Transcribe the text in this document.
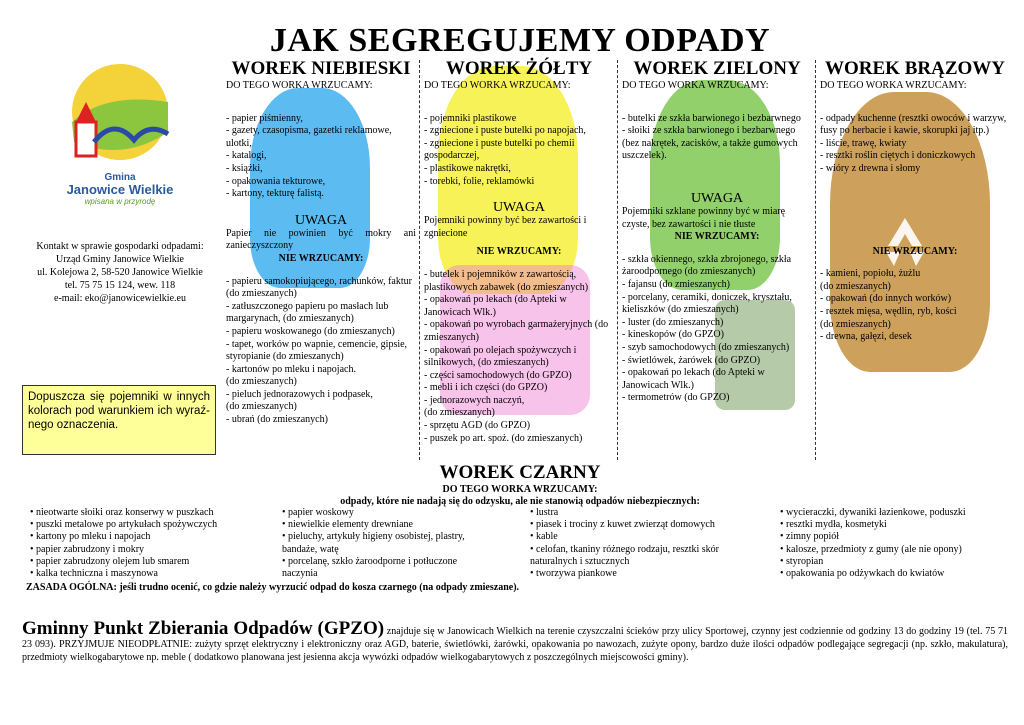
JAK SEGREGUJEMY ODPADY
Gmina
Janowice Wielkie
wpisana w przyrodę
Kontakt w sprawie gospodarki odpadami:
Urząd Gminy Janowice Wielkie
ul. Kolejowa 2, 58-520 Janowice Wielkie
tel. 75 75 15 124, wew. 118
e-mail: eko@janowicewielkie.eu
Dopuszcza się pojemniki w innych kolorach pod warunkiem ich wyraź-nego oznaczenia.
WOREK NIEBIESKI
DO TEGO WORKA WRZUCAMY:
- papier piśmienny,
- gazety, czasopisma, gazetki reklamowe, ulotki,
- katalogi,
- książki,
- opakowania tekturowe,
- kartony, tekturę falistą.
UWAGA
Papier nie powinien być mokry ani zanieczyszczony
NIE WRZUCAMY:
- papieru samokopiującego, rachunków, faktur (do zmieszanych)
- zatłuszczonego papieru po masłach lub margarynach, (do zmieszanych)
- papieru woskowanego (do zmieszanych)
- tapet, worków po wapnie, cemencie, gipsie, styropianie (do zmieszanych)
- kartonów po mleku i napojach.
(do zmieszanych)
- pieluch jednorazowych i podpasek,
(do zmieszanych)
- ubrań (do zmieszanych)
WOREK ŻÓŁTY
DO TEGO WORKA WRZUCAMY:
- pojemniki plastikowe
- zgniecione i puste butelki po napojach,
- zgniecione i puste butelki po chemii gospodarczej,
- plastikowe nakrętki,
- torebki, folie, reklamówki
UWAGA
Pojemniki powinny być bez zawartości i zgniecione
NIE WRZUCAMY:
- butelek i pojemników z zawartością, plastikowych zabawek (do zmieszanych)
- opakowań po lekach (do Apteki w Janowicach Wlk.)
- opakowań po wyrobach garmażeryjnych (do zmieszanych)
- opakowań po olejach spożywczych i silnikowych, (do zmieszanych)
- części samochodowych (do GPZO)
- mebli i ich części (do GPZO)
- jednorazowych naczyń,
(do zmieszanych)
- sprzętu AGD (do GPZO)
- puszek po art. spoż. (do zmieszanych)
WOREK ZIELONY
DO TEGO WORKA WRZUCAMY:
- butelki ze szkła barwionego i bezbarwnego
- słoiki ze szkła barwionego i bezbarwnego (bez nakrętek, zacisków, a także gumowych uszczelek).
UWAGA
Pojemniki szklane powinny być w miarę czyste, bez zawartości i nie tłuste
NIE WRZUCAMY:
- szkła okiennego, szkła zbrojonego, szkła żaroodpornego (do zmieszanych)
- fajansu (do zmieszanych)
- porcelany, ceramiki, doniczek, kryształu, kieliszków (do zmieszanych)
- luster (do zmieszanych)
- kineskopów (do GPZO)
- szyb samochodowych (do zmieszanych)
- świetlówek, żarówek (do GPZO)
- opakowań po lekach (do Apteki w Janowicach Wlk.)
- termometrów (do GPZO)
WOREK BRĄZOWY
DO TEGO WORKA WRZUCAMY:
- odpady kuchenne (resztki owoców i warzyw, fusy po herbacie i kawie, skorupki jaj itp.)
- liście, trawę, kwiaty
- resztki roślin ciętych i doniczkowych
- wióry z drewna i słomy
NIE WRZUCAMY:
- kamieni, popiołu, żużlu
(do zmieszanych)
- opakowań (do innych worków)
- resztek mięsa, wędlin, ryb, kości
(do zmieszanych)
- drewna, gałęzi, desek
WOREK CZARNY
DO TEGO WORKA WRZUCAMY:
odpady, które nie nadają się do odzysku, ale nie stanowią odpadów niebezpiecznych:
• nieotwarte słoiki oraz konserwy w puszkach
• puszki metalowe po artykułach spożywczych
• kartony po mleku i napojach
• papier zabrudzony i mokry
• papier zabrudzony olejem lub smarem
• kalka techniczna i maszynowa
• papier woskowy
• niewielkie elementy drewniane
• pieluchy, artykuły higieny osobistej, plastry, bandaże, watę
• porcelanę, szkło żaroodporne i potłuczone naczynia
• lustra
• piasek i trociny z kuwet zwierząt domowych
• kable
• celofan, tkaniny różnego rodzaju, resztki skór naturalnych i sztucznych
• tworzywa piankowe
• wycieraczki, dywaniki łazienkowe, poduszki
• resztki mydła, kosmetyki
• zimny popiół
• kalosze, przedmioty z gumy (ale nie opony)
• styropian
• opakowania po odżywkach do kwiatów
ZASADA OGÓLNA: jeśli trudno ocenić, co gdzie należy wyrzucić odpad do kosza czarnego (na odpady zmieszane).
Gminny Punkt Zbierania Odpadów (GPZO) znajduje się w Janowicach Wielkich na terenie czyszczalni ścieków przy ulicy Sportowej, czynny jest codziennie od godziny 13 do godziny 19 (tel. 75 71 23 093). PRZYJMUJE NIEODPŁATNIE: zużyty sprzęt elektryczny i elektroniczny oraz AGD, baterie, świetlówki, żarówki, opakowania po nawozach, zużyte opony, bardzo duże ilości odpadów podlegające segregacji (np. szkło, makulatura), przedmioty wielkogabarytowe np. meble ( dodatkowo planowana jest jesienna akcja wywózki odpadów wielkogabarytowych z poszczególnych miejscowości gminy).
